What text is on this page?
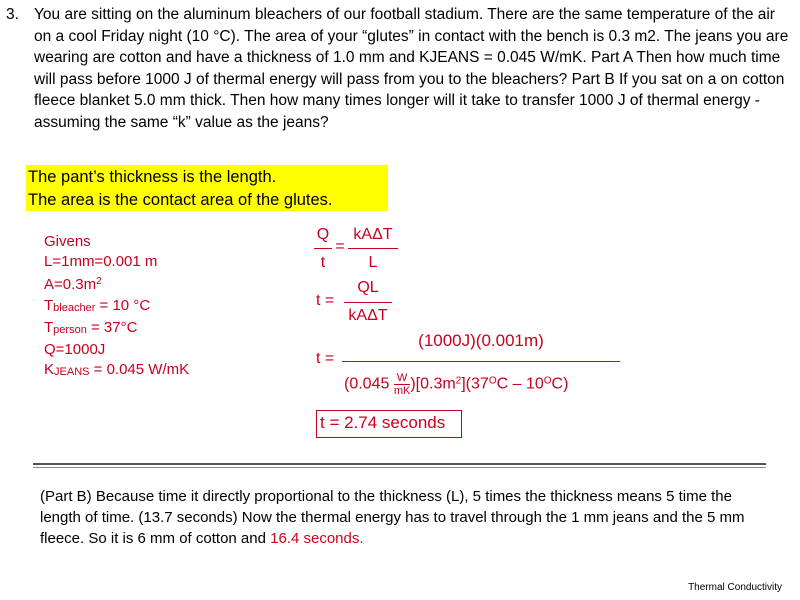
3. You are sitting on the aluminum bleachers of our football stadium. There are the same temperature of the air on a cool Friday night (10 °C). The area of your “glutes” in contact with the bench is 0.3 m2. The jeans you are wearing are cotton and have a thickness of 1.0 mm and KJEANS = 0.045 W/mK. Part A Then how much time will pass before 1000 J of thermal energy will pass from you to the bleachers? Part B If you sat on a on cotton fleece blanket 5.0 mm thick. Then how many times longer will it take to transfer 1000 J of thermal energy -assuming the same “k” value as the jeans?
The pant’s thickness is the length.
The area is the contact area of the glutes.
Givens
L=1mm=0.001 m
$A=0.3m^2$
$T_{bleacher} = 10$ °C
$T_{person} = 37^\circ C$
Q=1000J
$K_{JEANS} = 0.045$ W/mK
Q
t
=
kAΔT
L
t =
QL
kAΔT
t =
(1000J)(0.001m)
$(0.045 \frac{W}{mK} )[0.3m^2](37^OC - 10^OC)$
t = 2.74 seconds
(Part B) Because time it directly proportional to the thickness (L), 5 times the thickness means 5 time the length of time. (13.7 seconds) Now the thermal energy has to travel through the 1 mm jeans and the 5 mm fleece. So it is 6 mm of cotton and 16.4 seconds.
Thermal Conductivity
